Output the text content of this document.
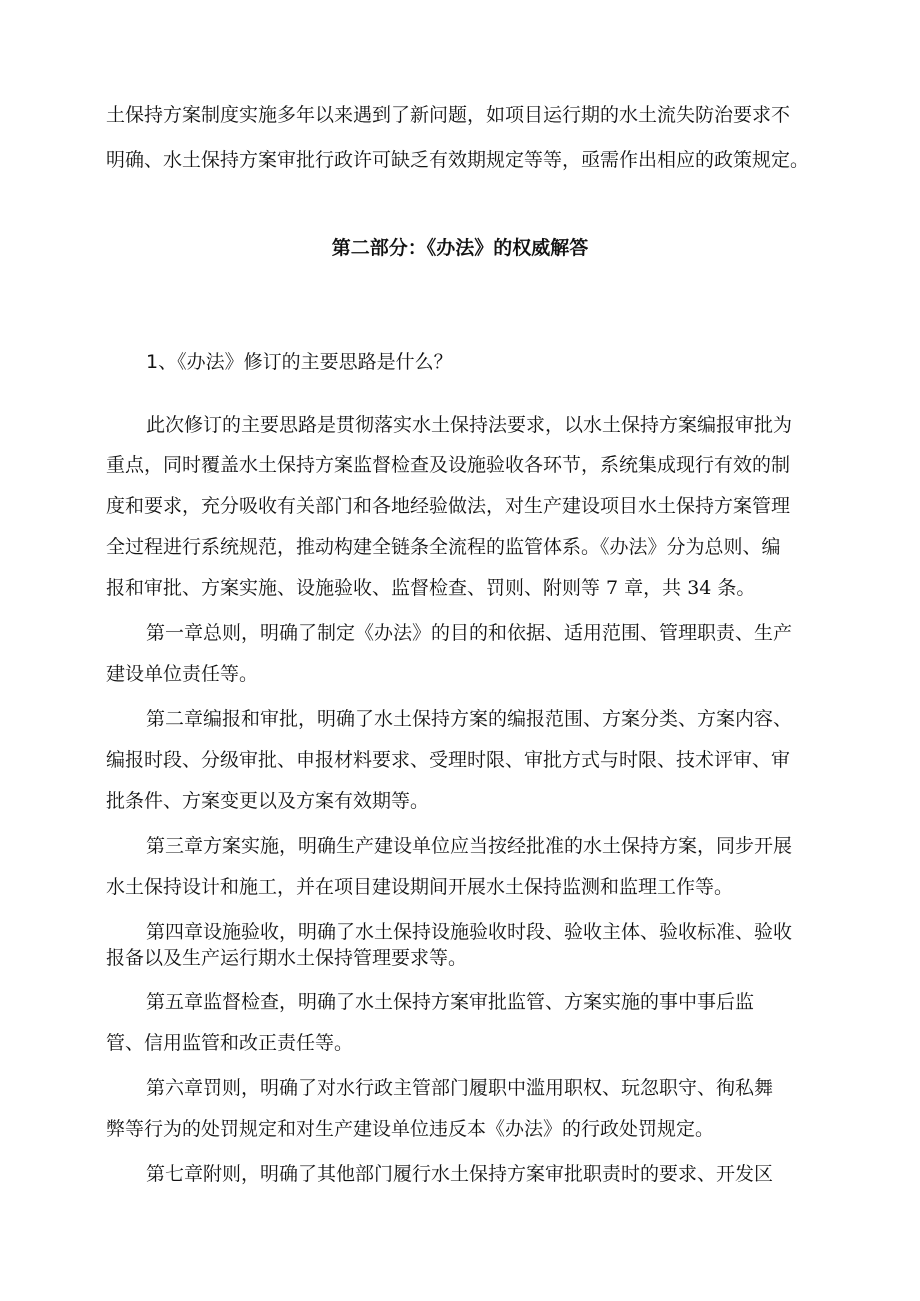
土保持方案制度实施多年以来遇到了新问题，如项目运行期的水土流失防治要求不
明确、水土保持方案审批行政许可缺乏有效期规定等等，亟需作出相应的政策规定。
第二部分：《办法》的权威解答
1、《办法》修订的主要思路是什么？
此次修订的主要思路是贯彻落实水土保持法要求，以水土保持方案编报审批为
重点，同时覆盖水土保持方案监督检查及设施验收各环节，系统集成现行有效的制
度和要求，充分吸收有关部门和各地经验做法，对生产建设项目水土保持方案管理
全过程进行系统规范，推动构建全链条全流程的监管体系。《办法》分为总则、编
报和审批、方案实施、设施验收、监督检查、罚则、附则等 7 章，共 34 条。
第一章总则，明确了制定《办法》的目的和依据、适用范围、管理职责、生产
建设单位责任等。
第二章编报和审批，明确了水土保持方案的编报范围、方案分类、方案内容、
编报时段、分级审批、申报材料要求、受理时限、审批方式与时限、技术评审、审
批条件、方案变更以及方案有效期等。
第三章方案实施，明确生产建设单位应当按经批准的水土保持方案，同步开展
水土保持设计和施工，并在项目建设期间开展水土保持监测和监理工作等。
第四章设施验收，明确了水土保持设施验收时段、验收主体、验收标准、验收
报备以及生产运行期水土保持管理要求等。
第五章监督检查，明确了水土保持方案审批监管、方案实施的事中事后监
管、信用监管和改正责任等。
第六章罚则，明确了对水行政主管部门履职中滥用职权、玩忽职守、徇私舞
弊等行为的处罚规定和对生产建设单位违反本《办法》的行政处罚规定。
第七章附则，明确了其他部门履行水土保持方案审批职责时的要求、开发区
